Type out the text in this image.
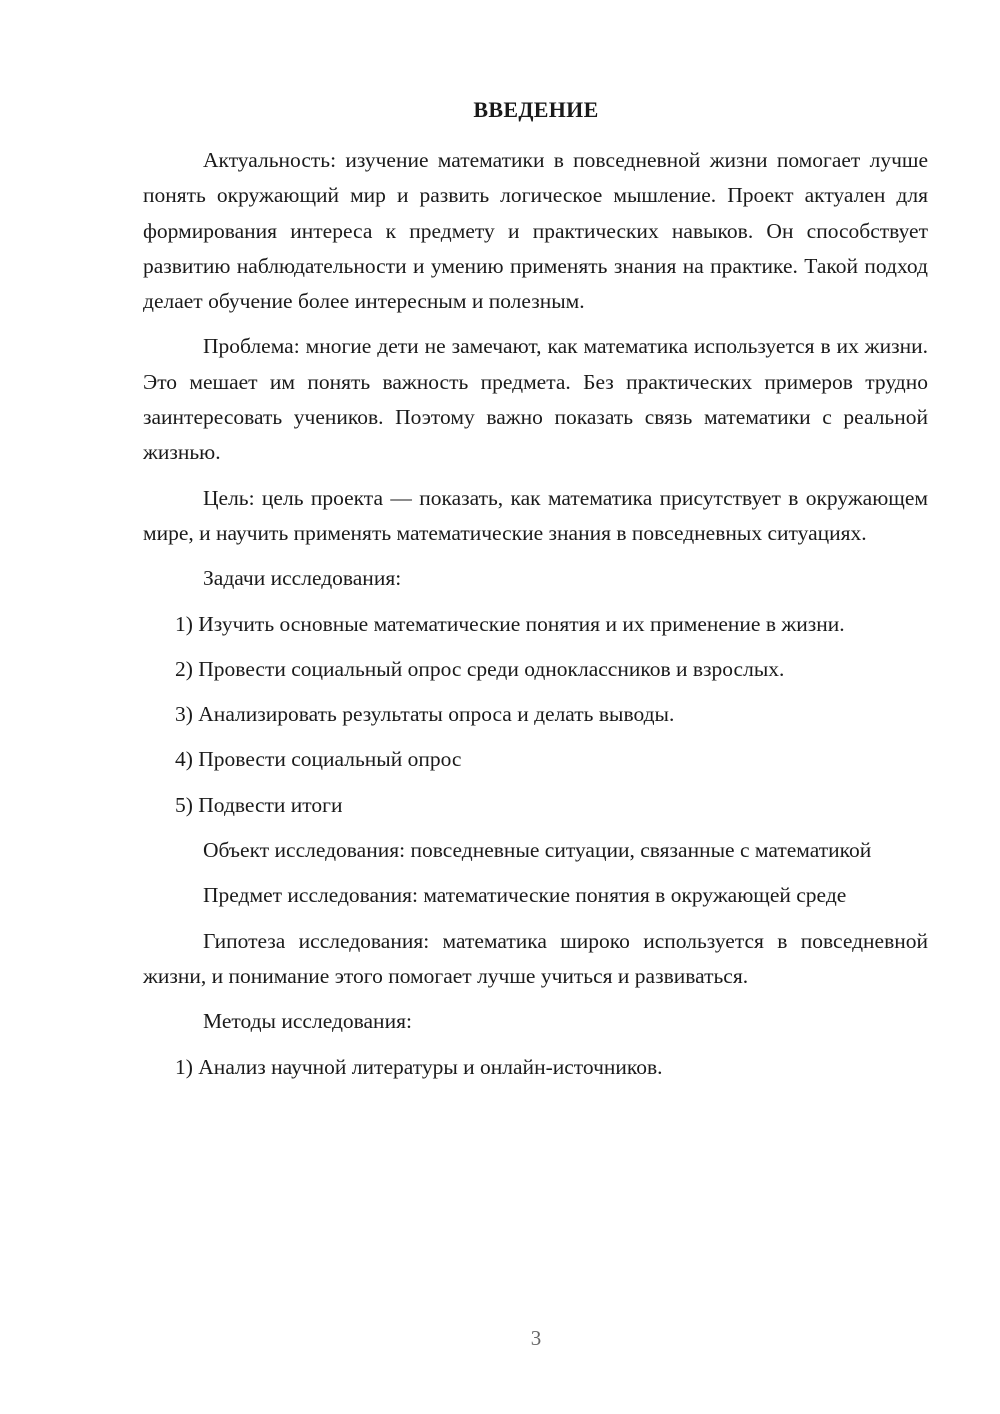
ВВЕДЕНИЕ

Актуальность: изучение математики в повседневной жизни помогает лучше понять окружающий мир и развить логическое мышление. Проект актуален для формирования интереса к предмету и практических навыков. Он способствует развитию наблюдательности и умению применять знания на практике. Такой подход делает обучение более интересным и полезным.

Проблема: многие дети не замечают, как математика используется в их жизни. Это мешает им понять важность предмета. Без практических примеров трудно заинтересовать учеников. Поэтому важно показать связь математики с реальной жизнью.

Цель: цель проекта — показать, как математика присутствует в окружающем мире, и научить применять математические знания в повседневных ситуациях.

Задачи исследования:

1) Изучить основные математические понятия и их применение в жизни.

2) Провести социальный опрос среди одноклассников и взрослых.

3) Анализировать результаты опроса и делать выводы.

4) Провести социальный опрос

5) Подвести итоги

Объект исследования: повседневные ситуации, связанные с математикой

Предмет исследования: математические понятия в окружающей среде

Гипотеза исследования: математика широко используется в повседневной жизни, и понимание этого помогает лучше учиться и развиваться.

Методы исследования:

1) Анализ научной литературы и онлайн-источников.

3
